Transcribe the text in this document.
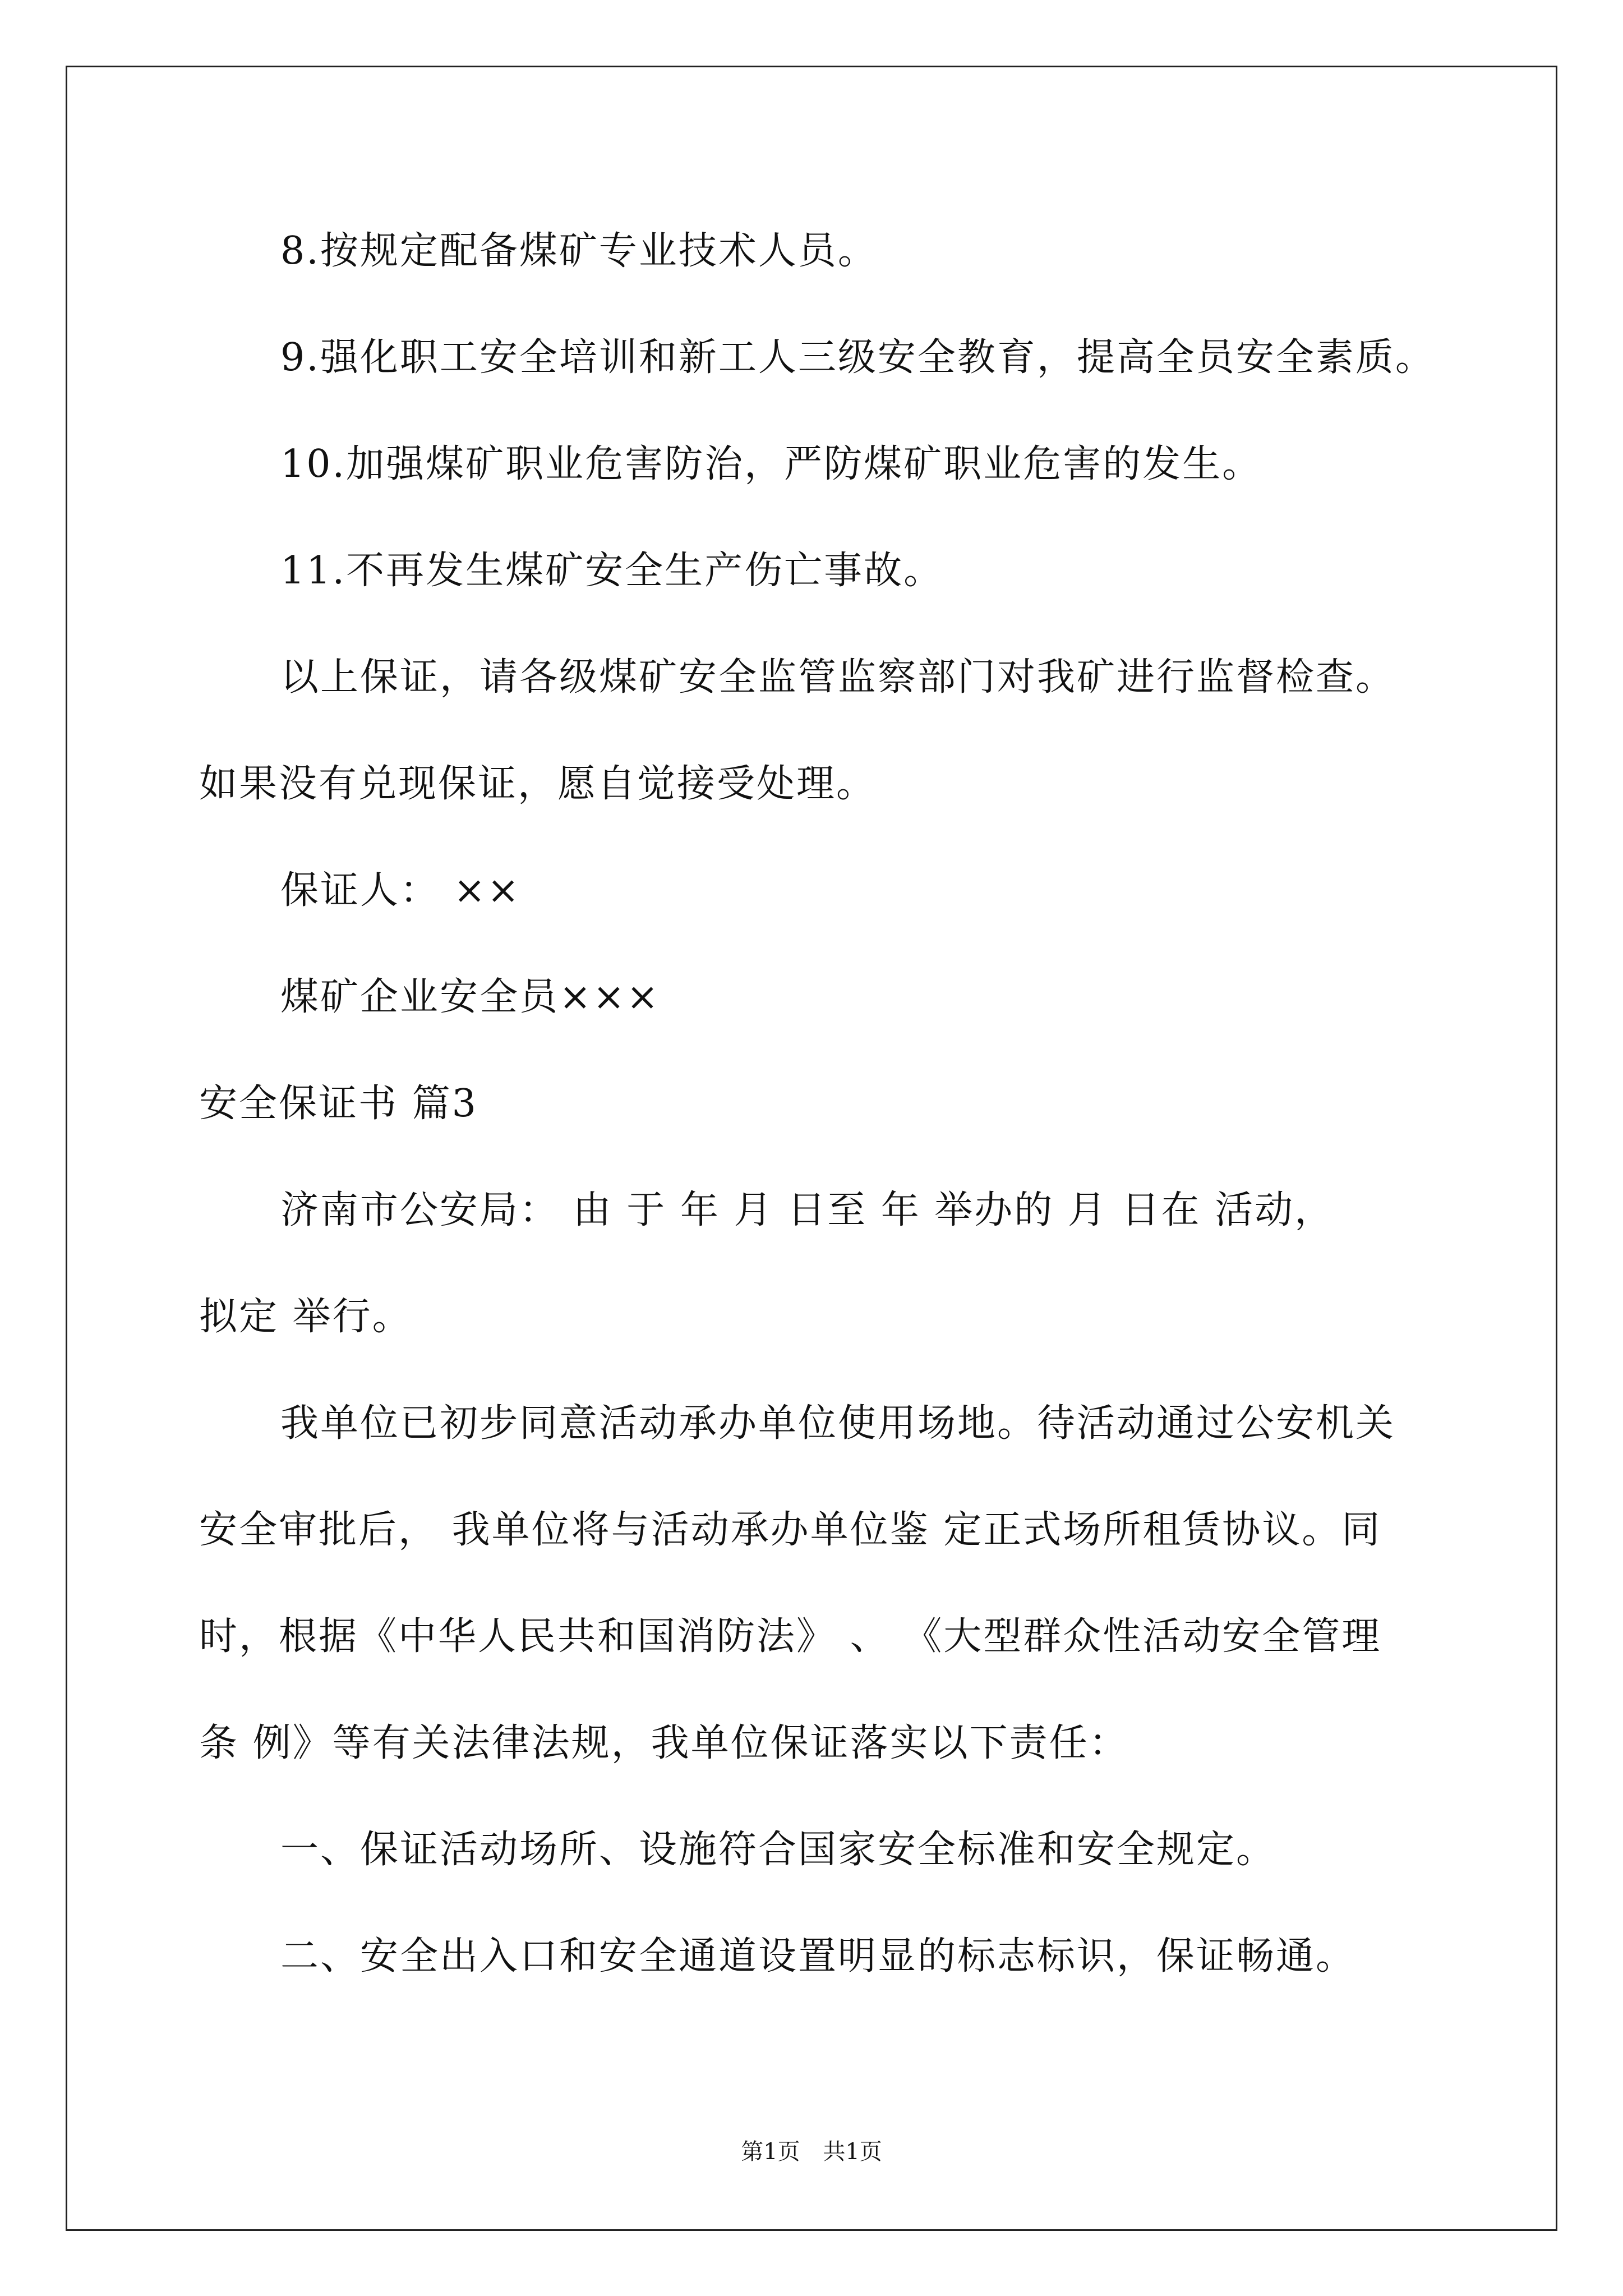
8.按规定配备煤矿专业技术人员。
9.强化职工安全培训和新工人三级安全教育，提高全员安全素质。
10.加强煤矿职业危害防治，严防煤矿职业危害的发生。
11.不再发生煤矿安全生产伤亡事故。
以上保证，请各级煤矿安全监管监察部门对我矿进行监督检查。
如果没有兑现保证，愿自觉接受处理。
保证人： ××
煤矿企业安全员×××
安全保证书 篇3
济南市公安局： 由 于 年 月 日至 年 举办的 月 日在 活动，
拟定 举行。
我单位已初步同意活动承办单位使用场地。待活动通过公安机关
安全审批后， 我单位将与活动承办单位鉴 定正式场所租赁协议。同
时，根据《中华人民共和国消防法》 、 《大型群众性活动安全管理
条 例》等有关法律法规，我单位保证落实以下责任：
一、保证活动场所、设施符合国家安全标准和安全规定。
二、安全出入口和安全通道设置明显的标志标识，保证畅通。
第1页 共1页
